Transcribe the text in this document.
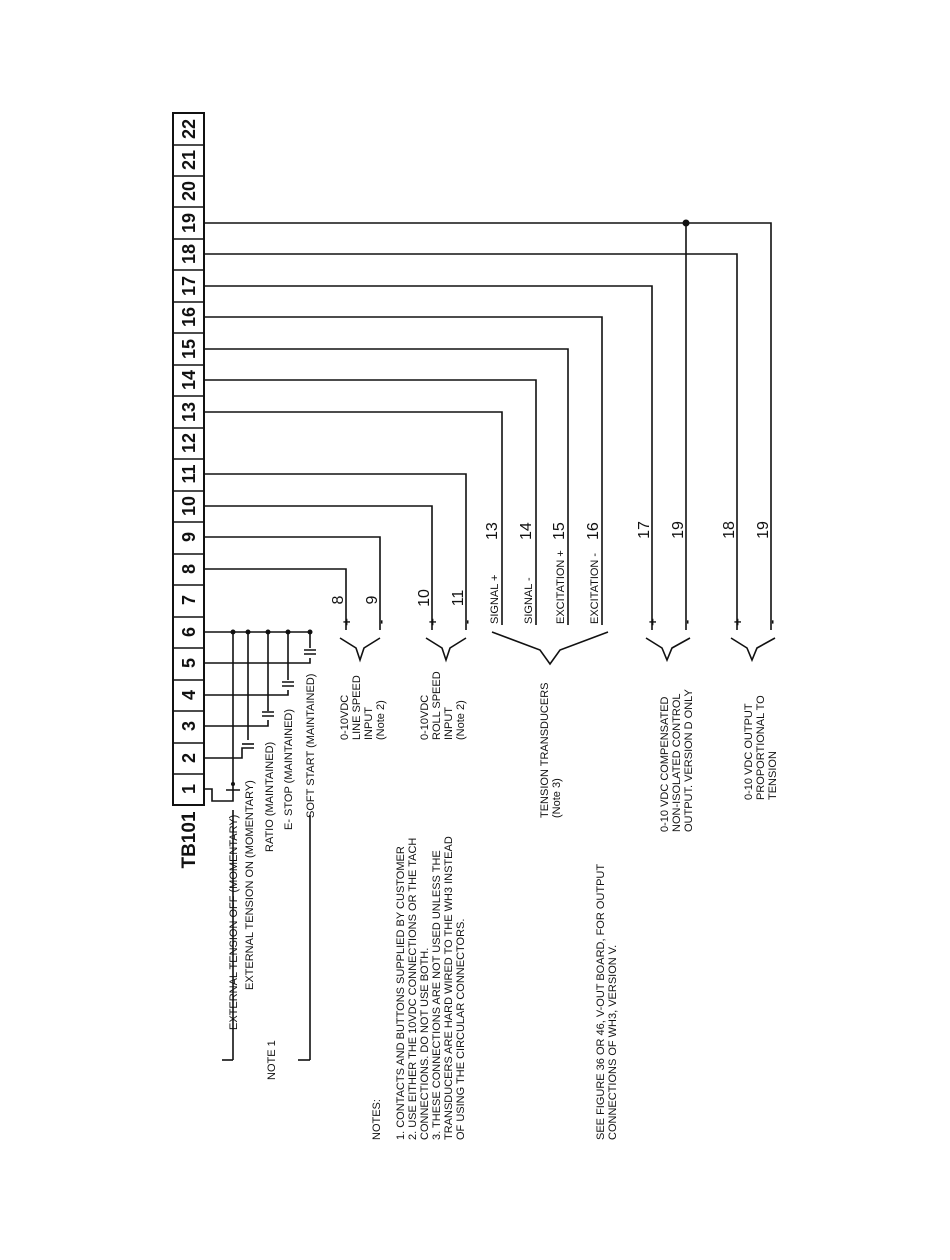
1
2
3
4
5
6
7
8
9
10
11
12
13
14
15
16
17
18
19
20
21
22
TB101	EXTERNAL TENSION OFF (MOMENTARY) EXTERNAL TENSION ON (MOMENTARY) RATIO (MAINTAINED) E- STOP (MAINTAINED) SOFT START (MAINTAINED)
NOTE 1
+ -
8 9
0-10VDC LINE SPEED INPUT (Note 2)
+ -
10 11
0-10VDC ROLL SPEED INPUT (Note 2)
SIGNAL + SIGNAL - EXCITATION + EXCITATION -
13 14 15 16
TENSION TRANSDUCERS (Note 3)
+ -
17 19
0-10 VDC COMPENSATED NON-ISOLATED CONTROL OUTPUT. VERSION D ONLY
+ -
18 19
0-10 VDC OUTPUT PROPORTIONAL TO TENSION
NOTES: 1. CONTACTS AND BUTTONS SUPPLIED BY CUSTOMER 2. USE EITHER THE 10VDC CONNECTIONS OR THE TACH CONNECTIONS. DO NOT USE BOTH. 3. THESE CONNECTIONS ARE NOT USED UNLESS THE TRANSDUCERS ARE HARD WIRED TO THE WH3 INSTEAD OF USING THE CIRCULAR CONNECTORS.	SEE FIGURE 36 OR 46, V-OUT BOARD, FOR OUTPUT CONNECTIONS OF WH3, VERSION V.
